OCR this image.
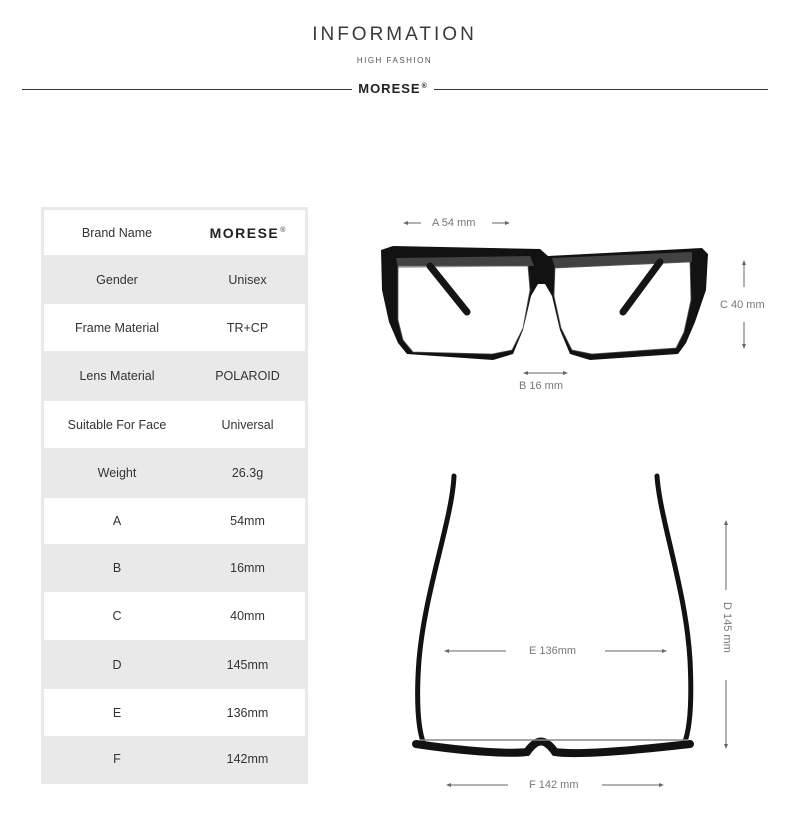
INFORMATION
HIGH FASHION
MORESE®
Brand Name	MORESE®
Gender	Unisex
Frame Material	TR+CP
Lens Material	POLAROID
Suitable For Face	Universal
Weight	26.3g
A	54mm
B	16mm
C	40mm
D	145mm
E	136mm
F	142mm
A 54 mm
B 16 mm
C 40 mm
D 145 mm
E 136mm
F 142 mm
